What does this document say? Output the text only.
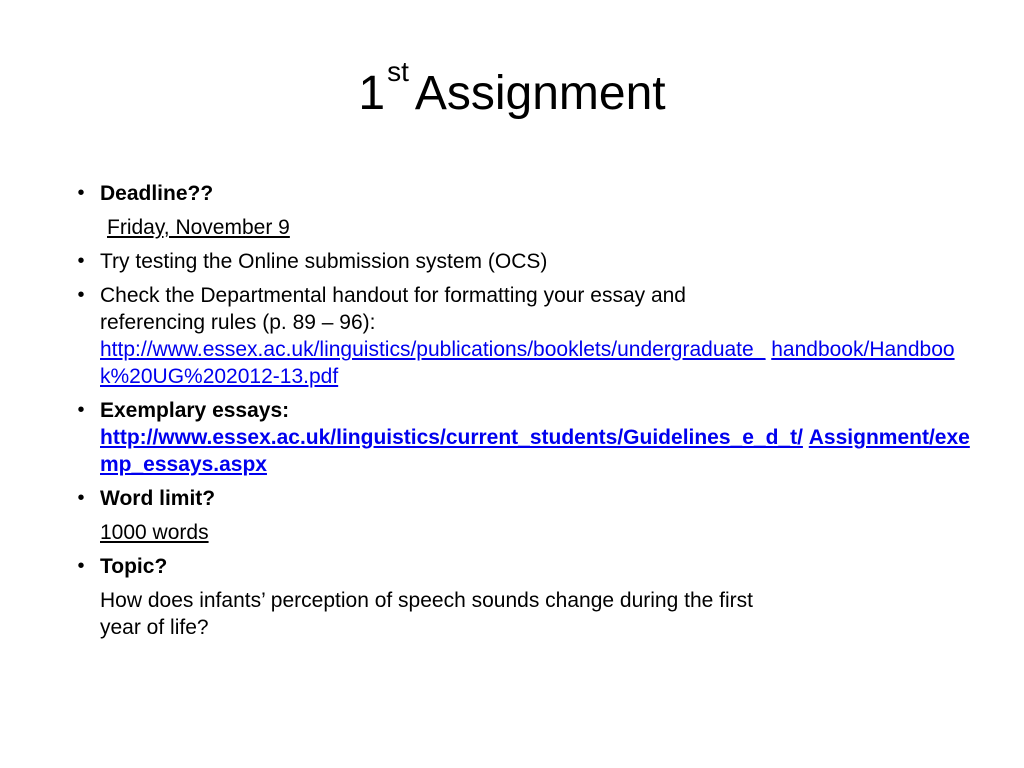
1st Assignment
• Deadline??
Friday, November 9
• Try testing the Online submission system (OCS)
• Check the Departmental handout for formatting your essay and
referencing rules (p. 89 – 96):
http://www.essex.ac.uk/linguistics/publications/booklets/undergraduate_ handbook/Handbook%20UG%202012-13.pdf
• Exemplary essays:
http://www.essex.ac.uk/linguistics/current_students/Guidelines_e_d_t/ Assignment/exemp_essays.aspx
• Word limit?
1000 words
• Topic?
How does infants’ perception of speech sounds change during the first
year of life?
